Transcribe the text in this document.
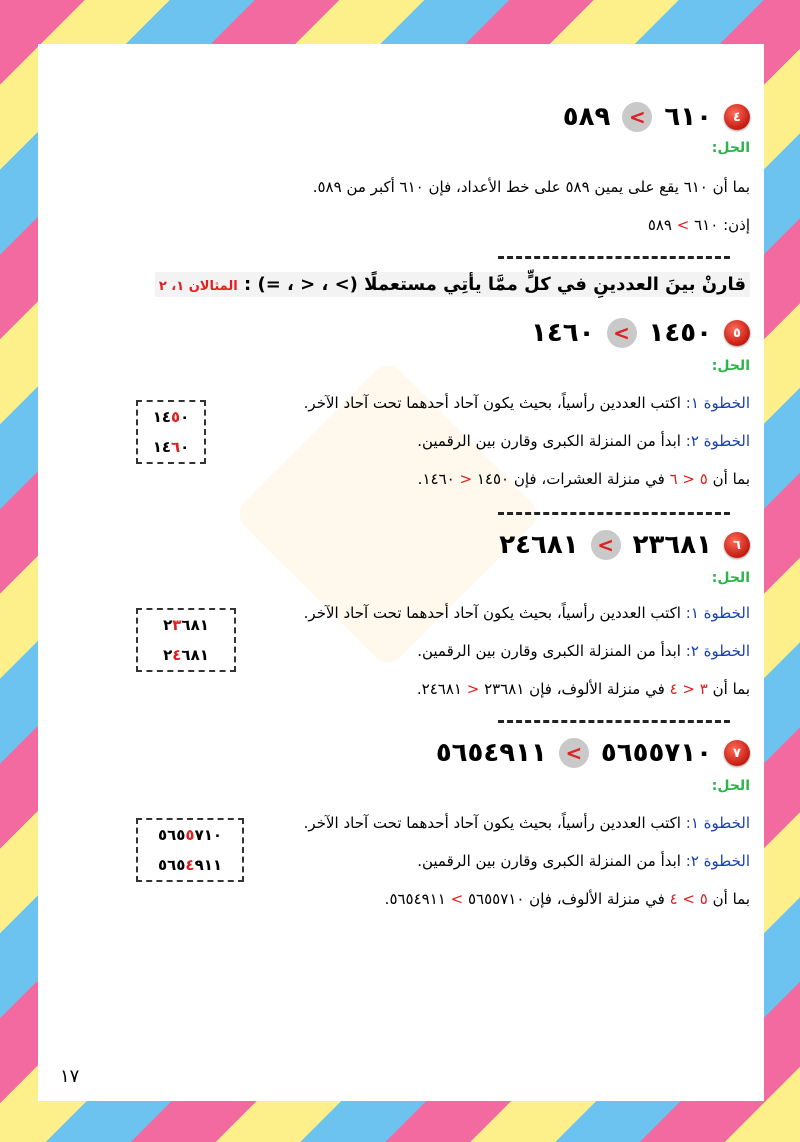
٤
٦١٠
>
٥٨٩
الحل:
بما أن ٦١٠ يقع على يمين ٥٨٩ على خط الأعداد، فإن ٦١٠ أكبر من ٥٨٩.
إذن: ٦١٠ > ٥٨٩
قارنْ بينَ العددينِ في كلٍّ ممَّا يأتِي مستعملًا (> ، < ، =) : المثالان ١، ٢
٥
١٤٥٠
>
١٤٦٠
الحل:
الخطوة ١: اكتب العددين رأسياً، بحيث يكون آحاد أحدهما تحت آحاد الآخر.
الخطوة ٢: ابدأ من المنزلة الكبرى وقارن بين الرقمين.
بما أن ٥ < ٦ في منزلة العشرات، فإن ١٤٥٠ < ١٤٦٠.
١٤٥٠
١٤٦٠
٦
٢٣٦٨١
>
٢٤٦٨١
الحل:
الخطوة ١: اكتب العددين رأسياً، بحيث يكون آحاد أحدهما تحت آحاد الآخر.
الخطوة ٢: ابدأ من المنزلة الكبرى وقارن بين الرقمين.
بما أن ٣ < ٤ في منزلة الألوف، فإن ٢٣٦٨١ < ٢٤٦٨١.
٢٣٦٨١
٢٤٦٨١
٧
٥٦٥٥٧١٠
>
٥٦٥٤٩١١
الحل:
الخطوة ١: اكتب العددين رأسياً، بحيث يكون آحاد أحدهما تحت آحاد الآخر.
الخطوة ٢: ابدأ من المنزلة الكبرى وقارن بين الرقمين.
بما أن ٥ > ٤ في منزلة الألوف، فإن ٥٦٥٥٧١٠ > ٥٦٥٤٩١١.
٥٦٥٥٧١٠
٥٦٥٤٩١١
١٧
